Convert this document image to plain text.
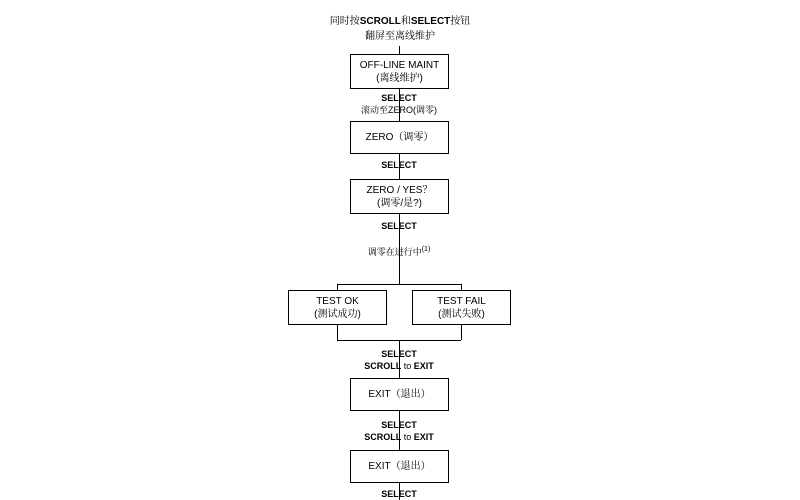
同时按SCROLL和SELECT按钮
翻屏至离线维护
OFF-LINE MAINT
(离线维护)
SELECT
滚动至ZERO(调零)
ZERO（调零）
SELECT
ZERO / YES？
(调零/是?)
SELECT
调零在进行中$^{(1)}$
TEST OK
(测试成功)
TEST FAIL
(测试失败)
SELECT
SCROLL to EXIT
EXIT（退出）
SELECT
SCROLL to EXIT
EXIT（退出）
SELECT
